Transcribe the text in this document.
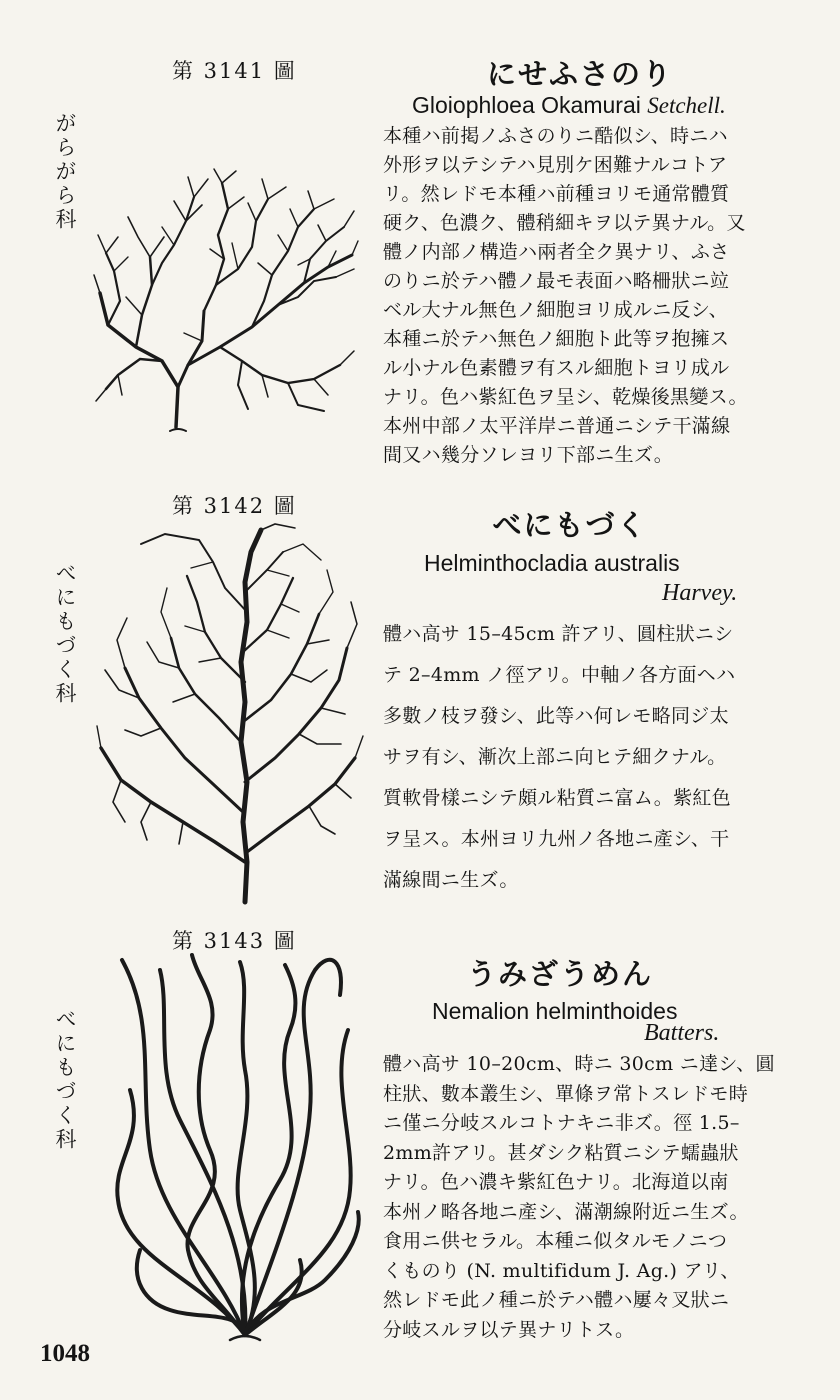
1048
第 3141 圖
がらがら科
にせふさのり
Gloiophloea Okamurai Setchell.
本種ハ前掲ノふさのりニ酷似シ、時ニハ
外形ヲ以テシテハ見別ケ困難ナルコトア
リ。然レドモ本種ハ前種ヨリモ通常體質
硬ク、色濃ク、體稍細キヲ以テ異ナル。又
體ノ内部ノ構造ハ兩者全ク異ナリ、ふさ
のりニ於テハ體ノ最モ表面ハ略柵狀ニ竝
ベル大ナル無色ノ細胞ヨリ成ルニ反シ、
本種ニ於テハ無色ノ細胞ト此等ヲ抱擁ス
ル小ナル色素體ヲ有スル細胞トヨリ成ル
ナリ。色ハ紫紅色ヲ呈シ、乾燥後黒變ス。
本州中部ノ太平洋岸ニ普通ニシテ干滿線
間又ハ幾分ソレヨリ下部ニ生ズ。
第 3142 圖
べにもづく科
べにもづく
Helminthocladia australis
Harvey.
體ハ高サ 15–45cm 許アリ、圓柱狀ニシ
テ 2–4mm ノ徑アリ。中軸ノ各方面ヘハ
多數ノ枝ヲ發シ、此等ハ何レモ略同ジ太
サヲ有シ、漸次上部ニ向ヒテ細クナル。
質軟骨樣ニシテ頗ル粘質ニ富ム。紫紅色
ヲ呈ス。本州ヨリ九州ノ各地ニ產シ、干
滿線間ニ生ズ。
第 3143 圖
べにもづく科
うみざうめん
Nemalion helminthoides
Batters.
體ハ高サ 10–20cm、時ニ 30cm ニ達シ、圓
柱狀、數本叢生シ、單條ヲ常トスレドモ時
ニ僅ニ分岐スルコトナキニ非ズ。徑 1.5–
2mm許アリ。甚ダシク粘質ニシテ蠕蟲狀
ナリ。色ハ濃キ紫紅色ナリ。北海道以南
本州ノ略各地ニ產シ、滿潮線附近ニ生ズ。
食用ニ供セラル。本種ニ似タルモノニつ
くものり (N. multifidum J. Ag.) アリ、
然レドモ此ノ種ニ於テハ體ハ屢々叉狀ニ
分岐スルヲ以テ異ナリトス。
